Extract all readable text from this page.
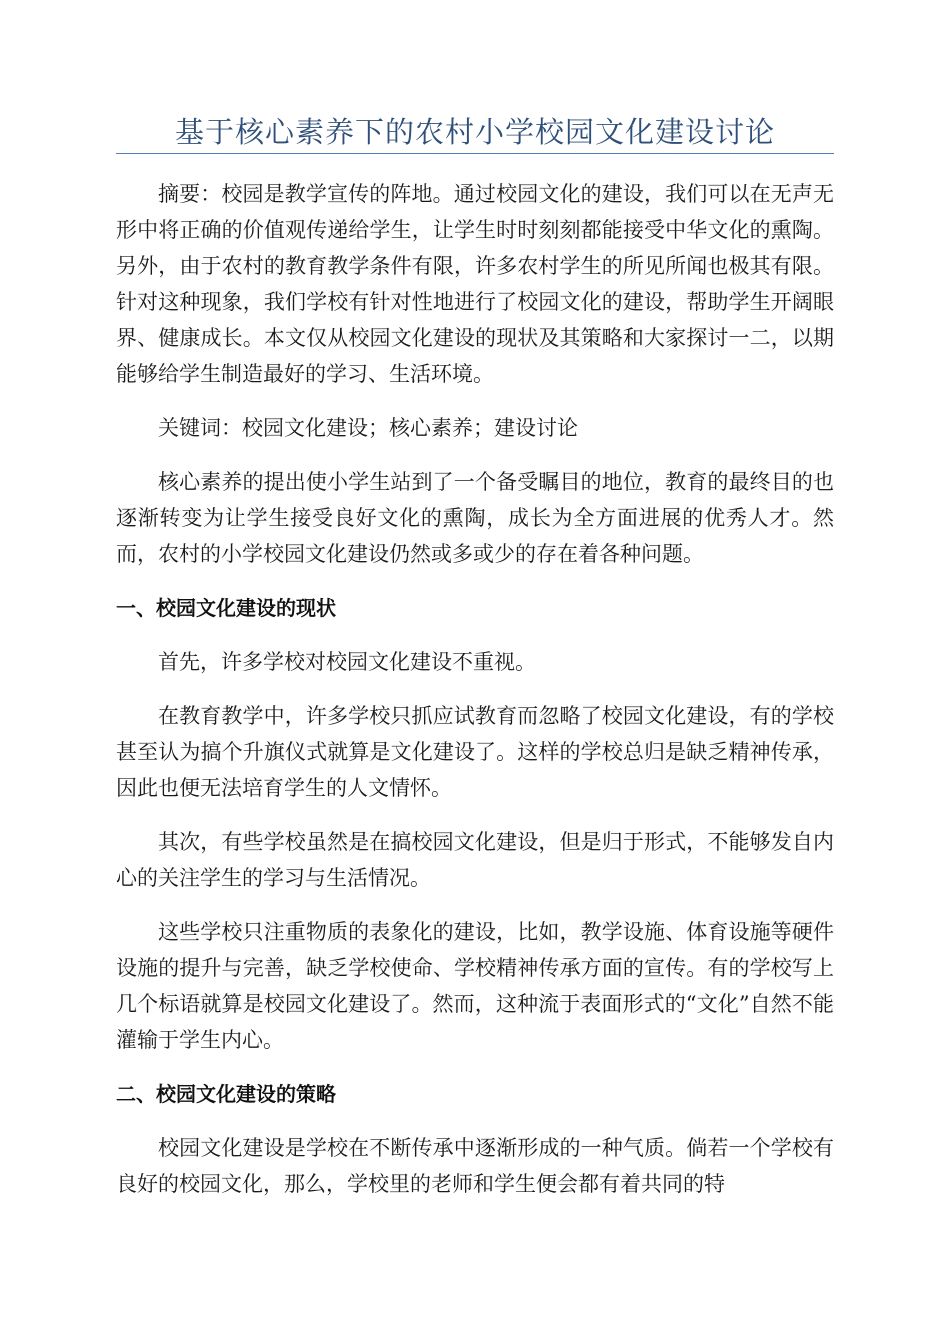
基于核心素养下的农村小学校园文化建设讨论

摘要：校园是教学宣传的阵地。通过校园文化的建设，我们可以在无声无形中将正确的价值观传递给学生，让学生时时刻刻都能接受中华文化的熏陶。另外，由于农村的教育教学条件有限，许多农村学生的所见所闻也极其有限。针对这种现象，我们学校有针对性地进行了校园文化的建设，帮助学生开阔眼界、健康成长。本文仅从校园文化建设的现状及其策略和大家探讨一二，以期能够给学生制造最好的学习、生活环境。

关键词：校园文化建设；核心素养；建设讨论

核心素养的提出使小学生站到了一个备受瞩目的地位，教育的最终目的也逐渐转变为让学生接受良好文化的熏陶，成长为全方面进展的优秀人才。然而，农村的小学校园文化建设仍然或多或少的存在着各种问题。

一、校园文化建设的现状

首先，许多学校对校园文化建设不重视。

在教育教学中，许多学校只抓应试教育而忽略了校园文化建设，有的学校甚至认为搞个升旗仪式就算是文化建设了。这样的学校总归是缺乏精神传承，因此也便无法培育学生的人文情怀。

其次，有些学校虽然是在搞校园文化建设，但是归于形式，不能够发自内心的关注学生的学习与生活情况。

这些学校只注重物质的表象化的建设，比如，教学设施、体育设施等硬件设施的提升与完善，缺乏学校使命、学校精神传承方面的宣传。有的学校写上几个标语就算是校园文化建设了。然而，这种流于表面形式的“文化”自然不能灌输于学生内心。

二、校园文化建设的策略

校园文化建设是学校在不断传承中逐渐形成的一种气质。倘若一个学校有良好的校园文化，那么，学校里的老师和学生便会都有着共同的特
